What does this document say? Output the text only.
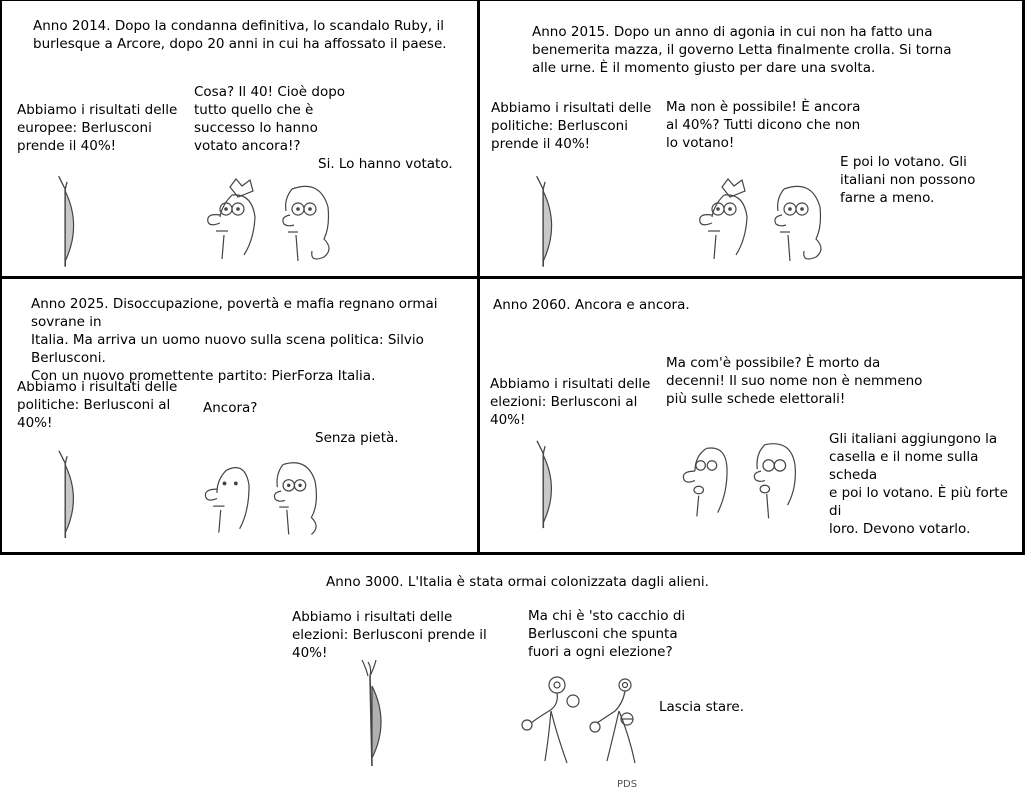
Anno 2014. Dopo la condanna definitiva, lo scandalo Ruby, il
burlesque a Arcore, dopo 20 anni in cui ha affossato il paese.
Abbiamo i risultati delle
europee: Berlusconi
prende il 40%!
Cosa? Il 40! Cioè dopo
tutto quello che è
successo lo hanno
votato ancora!?
Si. Lo hanno votato.
Anno 2015. Dopo un anno di agonia in cui non ha fatto una
benemerita mazza, il governo Letta finalmente crolla. Si torna
alle urne. È il momento giusto per dare una svolta.
Abbiamo i risultati delle
politiche: Berlusconi
prende il 40%!
Ma non è possibile! È ancora
al 40%? Tutti dicono che non
lo votano!
E poi lo votano. Gli
italiani non possono
farne a meno.
Anno 2025. Disoccupazione, povertà e mafia regnano ormai sovrane in
Italia. Ma arriva un uomo nuovo sulla scena politica: Silvio Berlusconi.
Con un nuovo promettente partito: PierForza Italia.
Abbiamo i risultati delle
politiche: Berlusconi al
40%!
Ancora?
Senza pietà.
Anno 2060. Ancora e ancora.
Abbiamo i risultati delle
elezioni: Berlusconi al
40%!
Ma com'è possibile? È morto da
decenni! Il suo nome non è nemmeno
più sulle schede elettorali!
Gli italiani aggiungono la
casella e il nome sulla scheda
e poi lo votano. È più forte di
loro. Devono votarlo.
Anno 3000. L'Italia è stata ormai colonizzata dagli alieni.
Abbiamo i risultati delle
elezioni: Berlusconi prende il
40%!
Ma chi è 'sto cacchio di
Berlusconi che spunta
fuori a ogni elezione?
Lascia stare.
PDS
